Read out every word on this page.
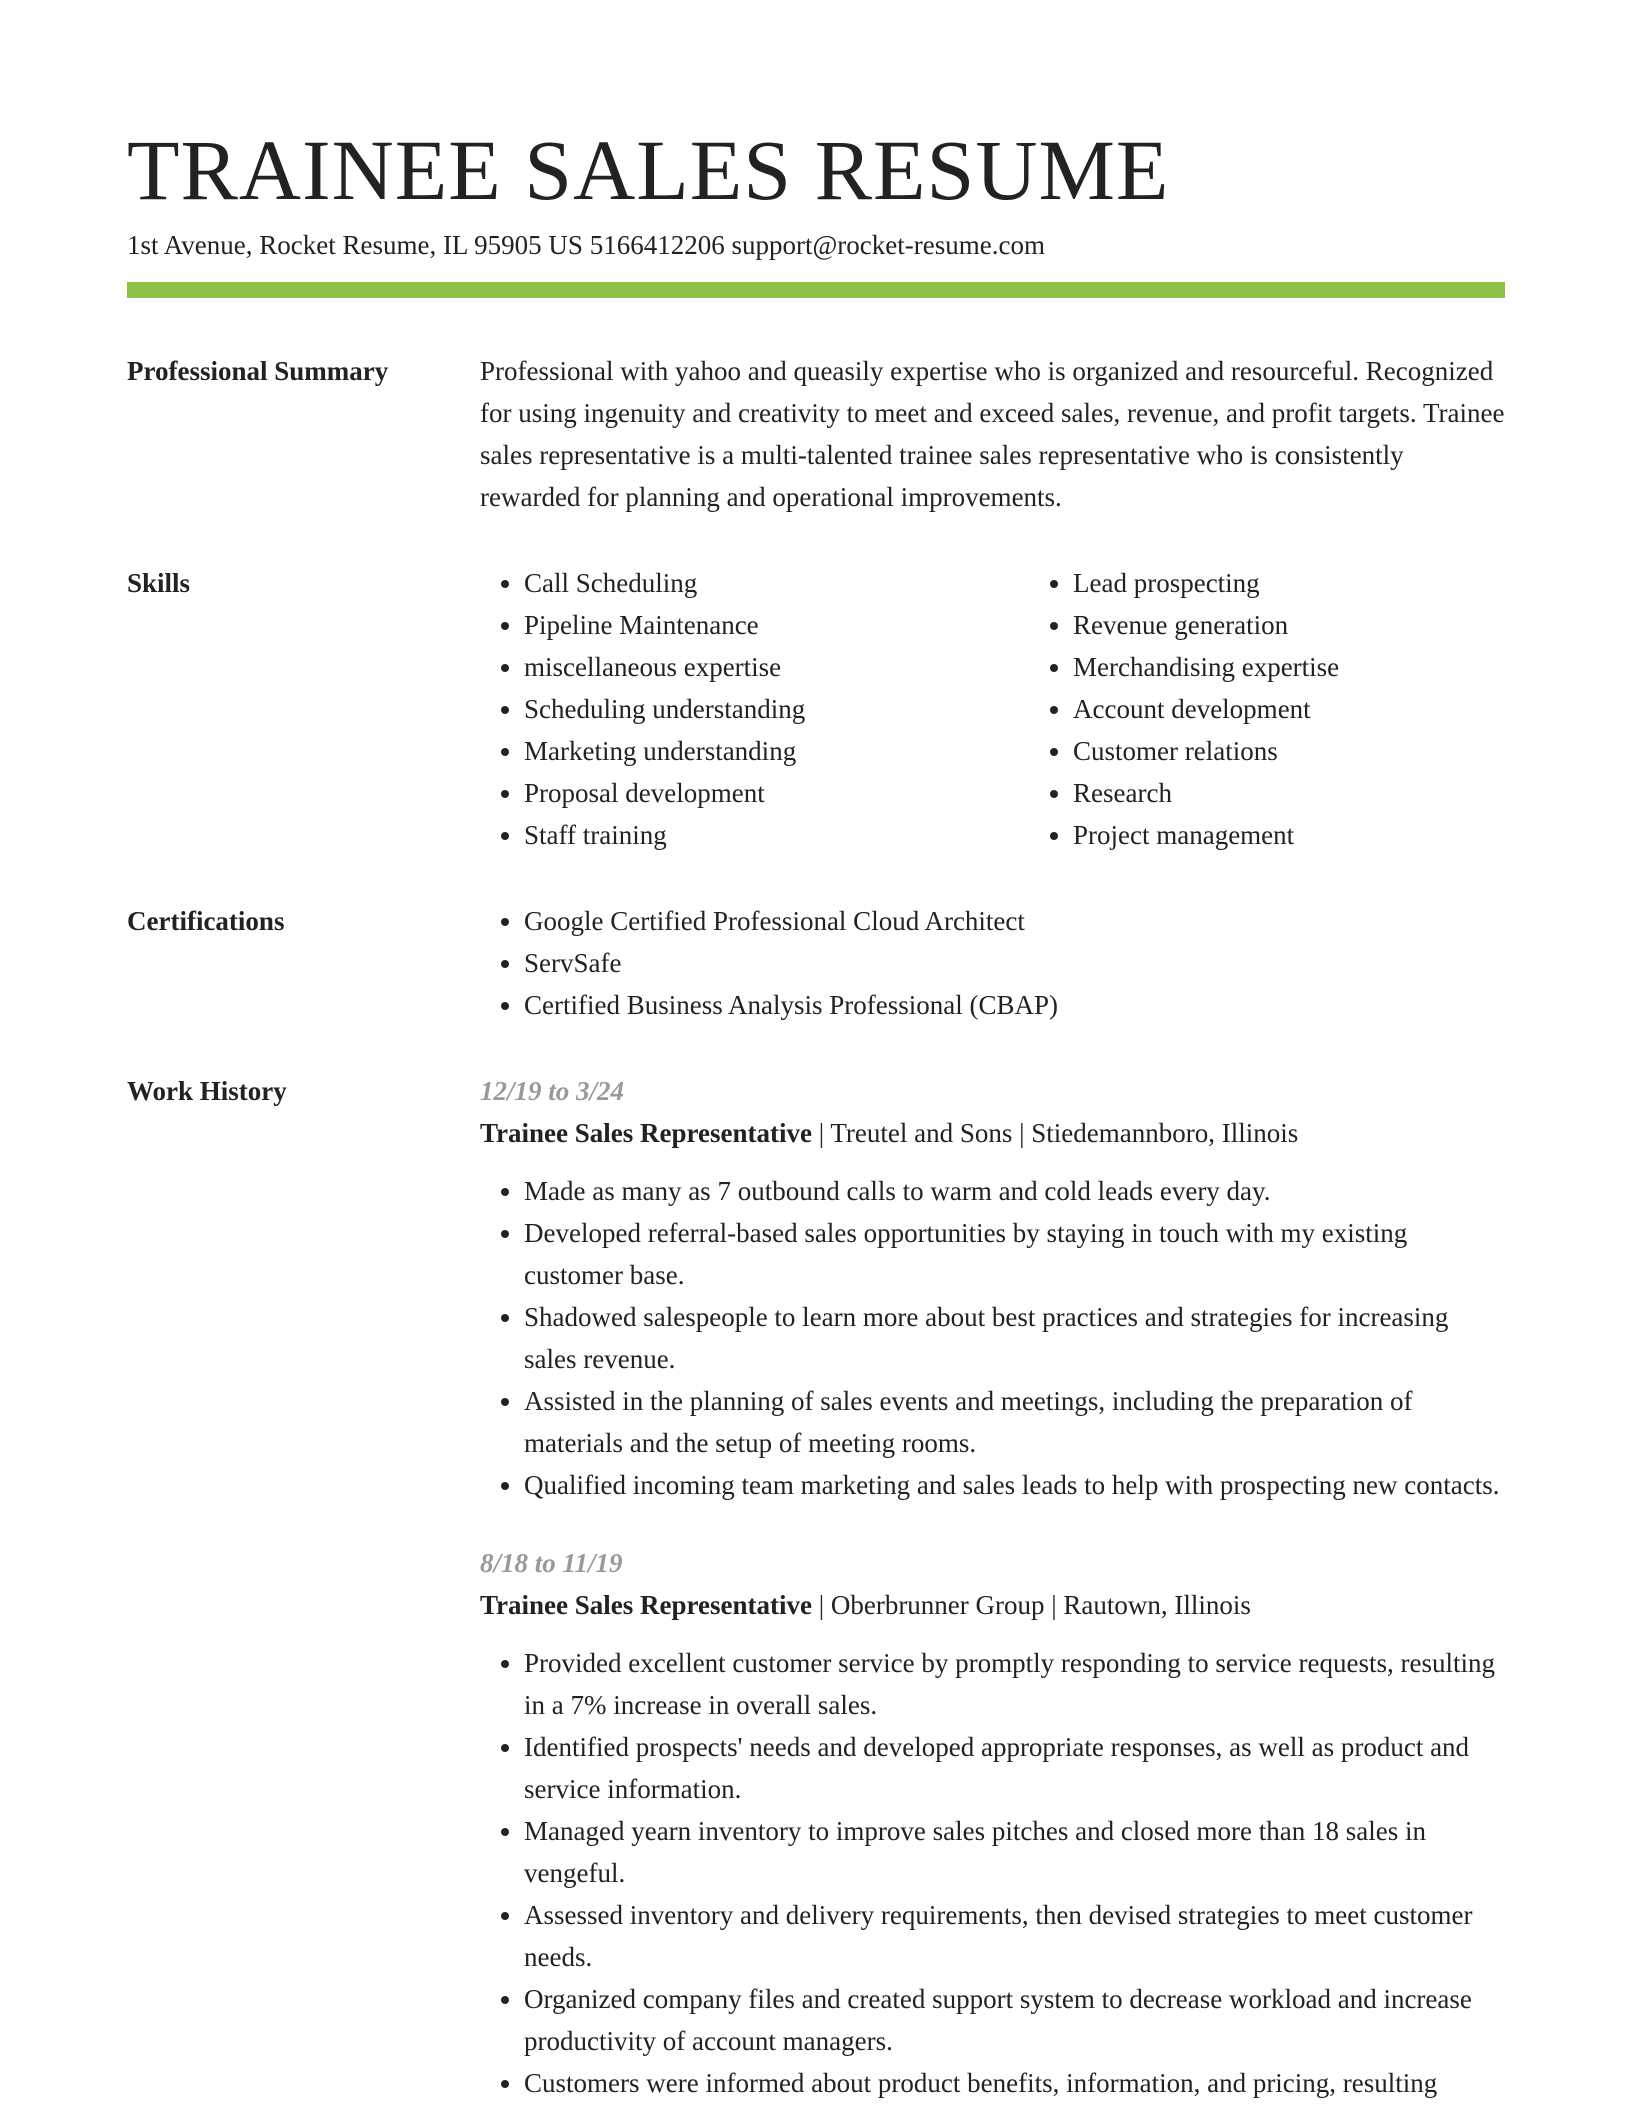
TRAINEE SALES RESUME
1st Avenue, Rocket Resume, IL 95905 US 5166412206 support@rocket-resume.com
Professional Summary	Professional with yahoo and queasily expertise who is organized and resourceful. Recognized for using ingenuity and creativity to meet and exceed sales, revenue, and profit targets. Trainee sales representative is a multi-talented trainee sales representative who is consistently rewarded for planning and operational improvements.

Skills	• Call Scheduling
• Pipeline Maintenance
• miscellaneous expertise
• Scheduling understanding
• Marketing understanding
• Proposal development
• Staff training
• Lead prospecting
• Revenue generation
• Merchandising expertise
• Account development
• Customer relations
• Research
• Project management
Certifications	• Google Certified Professional Cloud Architect
• ServSafe
• Certified Business Analysis Professional (CBAP)
Work History	12/19 to 3/24
Trainee Sales Representative | Treutel and Sons | Stiedemannboro, Illinois
• Made as many as 7 outbound calls to warm and cold leads every day.
• Developed referral-based sales opportunities by staying in touch with my existing customer base.
• Shadowed salespeople to learn more about best practices and strategies for increasing sales revenue.
• Assisted in the planning of sales events and meetings, including the preparation of materials and the setup of meeting rooms.
• Qualified incoming team marketing and sales leads to help with prospecting new contacts.
8/18 to 11/19
Trainee Sales Representative | Oberbrunner Group | Rautown, Illinois
• Provided excellent customer service by promptly responding to service requests, resulting in a 7% increase in overall sales.
• Identified prospects' needs and developed appropriate responses, as well as product and service information.
• Managed yearn inventory to improve sales pitches and closed more than 18 sales in vengeful.
• Assessed inventory and delivery requirements, then devised strategies to meet customer needs.
• Organized company files and created support system to decrease workload and increase productivity of account managers.
• Customers were informed about product benefits, information, and pricing, resulting
